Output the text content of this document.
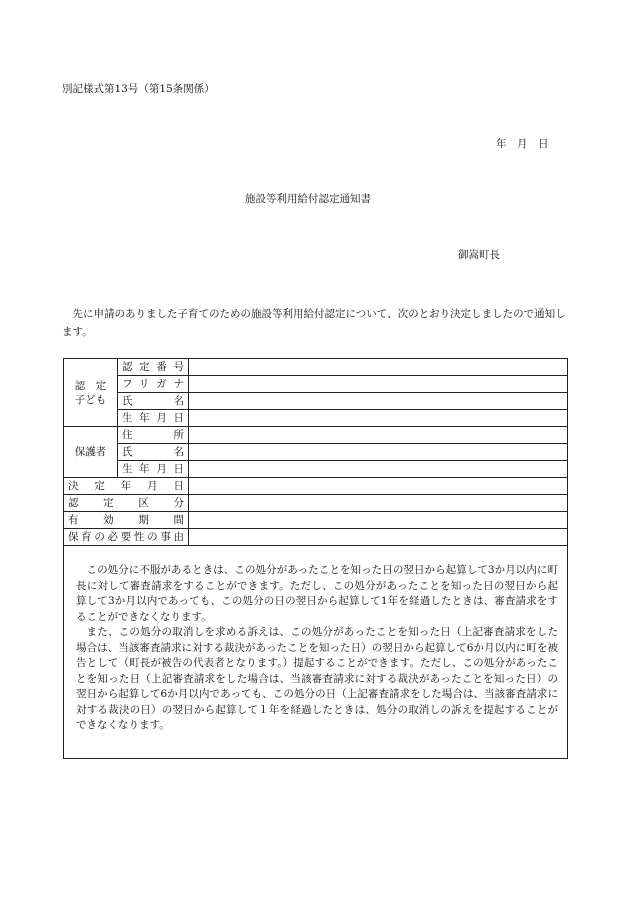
別記様式第13号（第15条関係）
年　月　日
施設等利用給付認定通知書
御嵩町長
先に申請のありました子育てのための施設等利用給付認定について、次のとおり決定しましたので通知します。
認　定
子ども	認定番号	
	フリガナ	
	氏　名	
	生年月日	
保護者	住　所	
	氏　名	
	生年月日	
決定年月日		
認定区分		
有効期間		
保育の必要性の事由		

この処分に不服があるときは、この処分があったことを知った日の翌日から起算して3か月以内に町長に対して審査請求をすることができます。ただし、この処分があったことを知った日の翌日から起算して3か月以内であっても、この処分の日の翌日から起算して1年を経過したときは、審査請求をすることができなくなります。

また、この処分の取消しを求める訴えは、この処分があったことを知った日（上記審査請求をした場合は、当該審査請求に対する裁決があったことを知った日）の翌日から起算して6か月以内に町を被告として（町長が被告の代表者となります。）提起することができます。ただし、この処分があったことを知った日（上記審査請求をした場合は、当該審査請求に対する裁決があったことを知った日）の翌日から起算して6か月以内であっても、この処分の日（上記審査請求をした場合は、当該審査請求に対する裁決の日）の翌日から起算して１年を経過したときは、処分の取消しの訴えを提起することができなくなります。		
